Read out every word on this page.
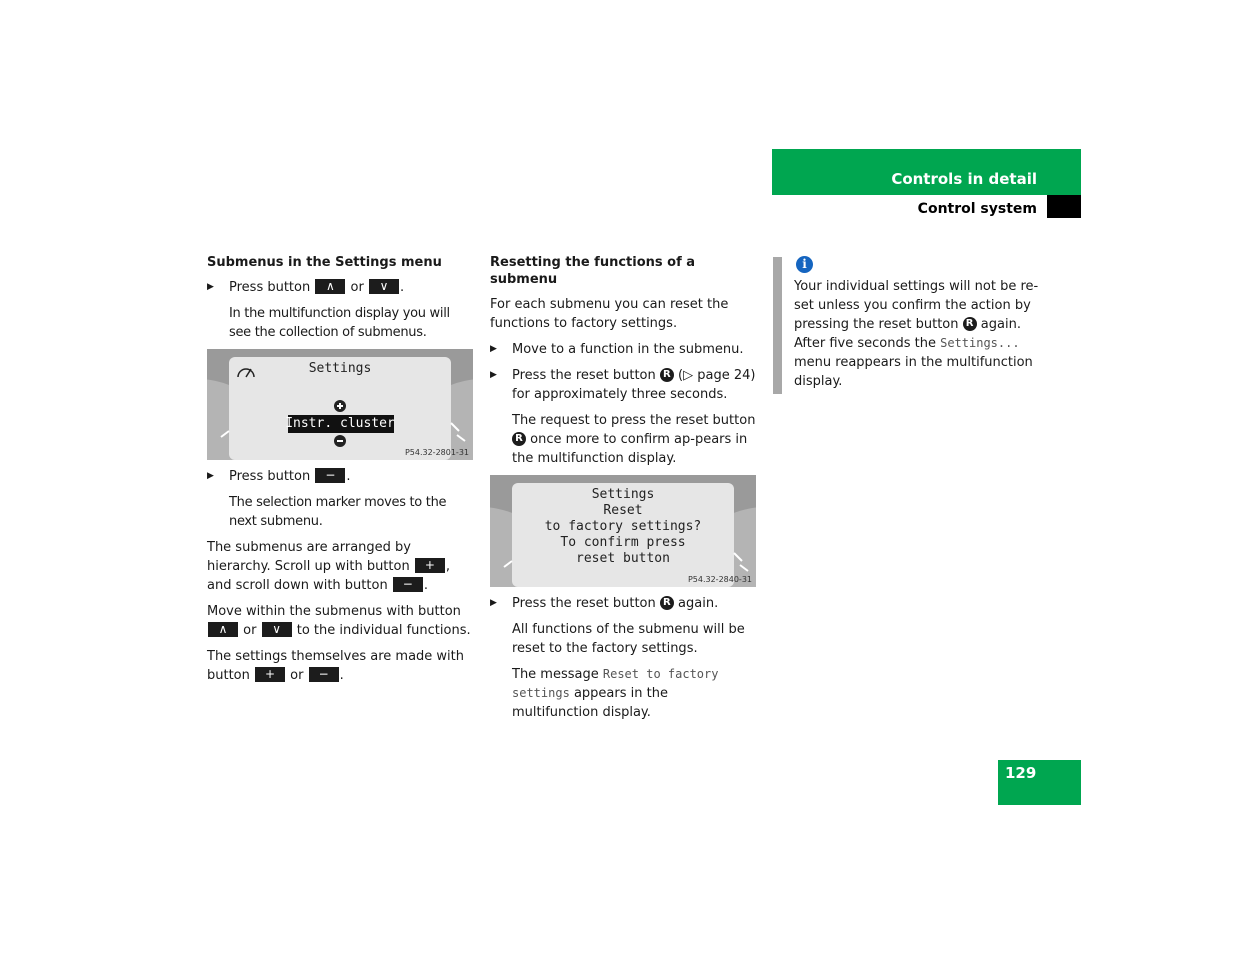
Controls in detail
Control system
Submenus in the Settings menu
▶ Press button ∧ or ∨ .

In the multifunction display you will see the collection of submenus.

Settings
Instr. cluster
P54.32-2801-31
▶ Press button − .

The selection marker moves to the next submenu.

The submenus are arranged by hierarchy. Scroll up with button + , and scroll down with button − .

Move within the submenus with button ∧ or ∨ to the individual functions.

The settings themselves are made with button + or − .

Resetting the functions of a submenu

For each submenu you can reset the functions to factory settings.

▶ Move to a function in the submenu.
▶ Press the reset button R (▷ page 24) for approximately three seconds.

The request to press the reset button R once more to confirm ap-pears in the multifunction display.

Settings
Reset
to factory settings?
To confirm press
reset button
P54.32-2840-31
▶ Press the reset button R again.

All functions of the submenu will be reset to the factory settings.

The message Reset to factory settings appears in the multifunction display.

i

Your individual settings will not be re-set unless you confirm the action by pressing the reset button R again. After five seconds the Settings... menu reappears in the multifunction display.

129
